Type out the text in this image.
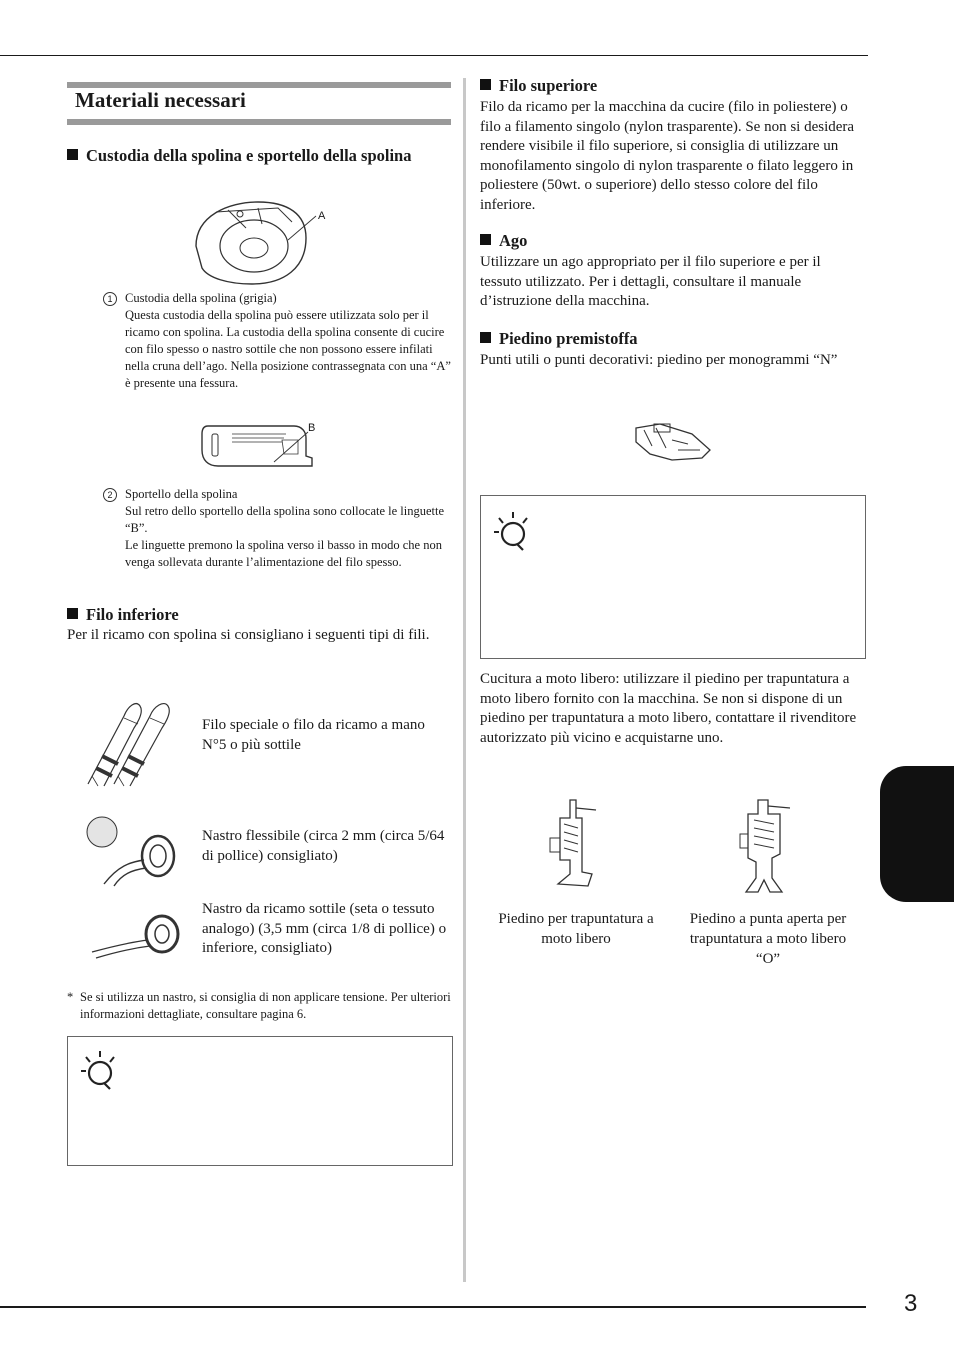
3
Materiali necessari
Custodia della spolina e sportello della spolina
A
1	Custodia della spolina (grigia)
Questa custodia della spolina può essere utilizzata solo per il ricamo con spolina. La custodia della spolina consente di cucire con filo spesso o nastro sottile che non possono essere infilati nella cruna dell’ago. Nella posizione contrassegnata con una “A” è presente una fessura.
B
2	Sportello della spolina
Sul retro dello sportello della spolina sono collocate le linguette “B”.
Le linguette premono la spolina verso il basso in modo che non venga sollevata durante l’alimentazione del filo spesso.
Filo inferiore
Per il ricamo con spolina si consigliano i seguenti tipi di fili.
Filo speciale o filo da ricamo a mano N°5 o più sottile
Nastro flessibile (circa 2 mm (circa 5/64 di pollice) consigliato)
Nastro da ricamo sottile (seta o tessuto analogo) (3,5 mm (circa 1/8 di pollice) o inferiore, consigliato)
* Se si utilizza un nastro, si consiglia di non applicare tensione. Per ulteriori informazioni dettagliate, consultare pagina 6.
Filo superiore
Filo da ricamo per la macchina da cucire (filo in poliestere) o filo a filamento singolo (nylon trasparente). Se non si desidera rendere visibile il filo superiore, si consiglia di utilizzare un monofilamento singolo di nylon trasparente o filato leggero in poliestere (50wt. o superiore) dello stesso colore del filo inferiore.
Ago
Utilizzare un ago appropriato per il filo superiore e per il tessuto utilizzato. Per i dettagli, consultare il manuale d’istruzione della macchina.
Piedino premistoffa
Punti utili o punti decorativi: piedino per monogrammi “N”
Cucitura a moto libero: utilizzare il piedino per trapuntatura a moto libero fornito con la macchina. Se non si dispone di un piedino per trapuntatura a moto libero, contattare il rivenditore autorizzato più vicino e acquistarne uno.
Piedino per trapuntatura a moto libero
Piedino a punta aperta per trapuntatura a moto libero “O”
